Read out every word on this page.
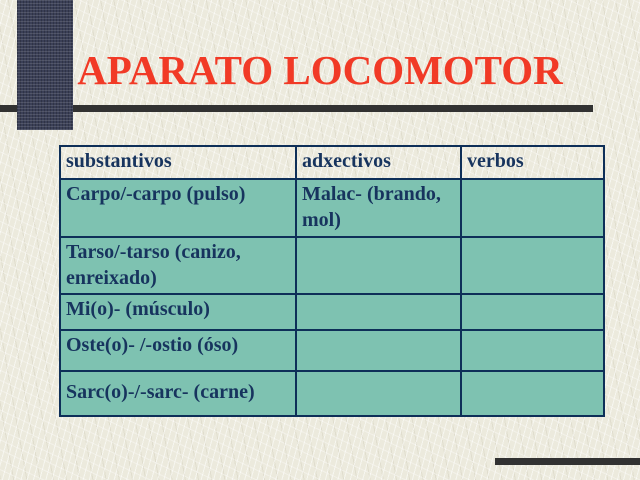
APARATO LOCOMOTOR
substantivos	adxectivos	verbos
Carpo/-carpo (pulso)	Malac- (brando, mol)	
Tarso/-tarso (canizo, enreixado)		
Mi(o)- (músculo)		
Oste(o)- /-ostio (óso)		
Sarc(o)-/-sarc- (carne)		
